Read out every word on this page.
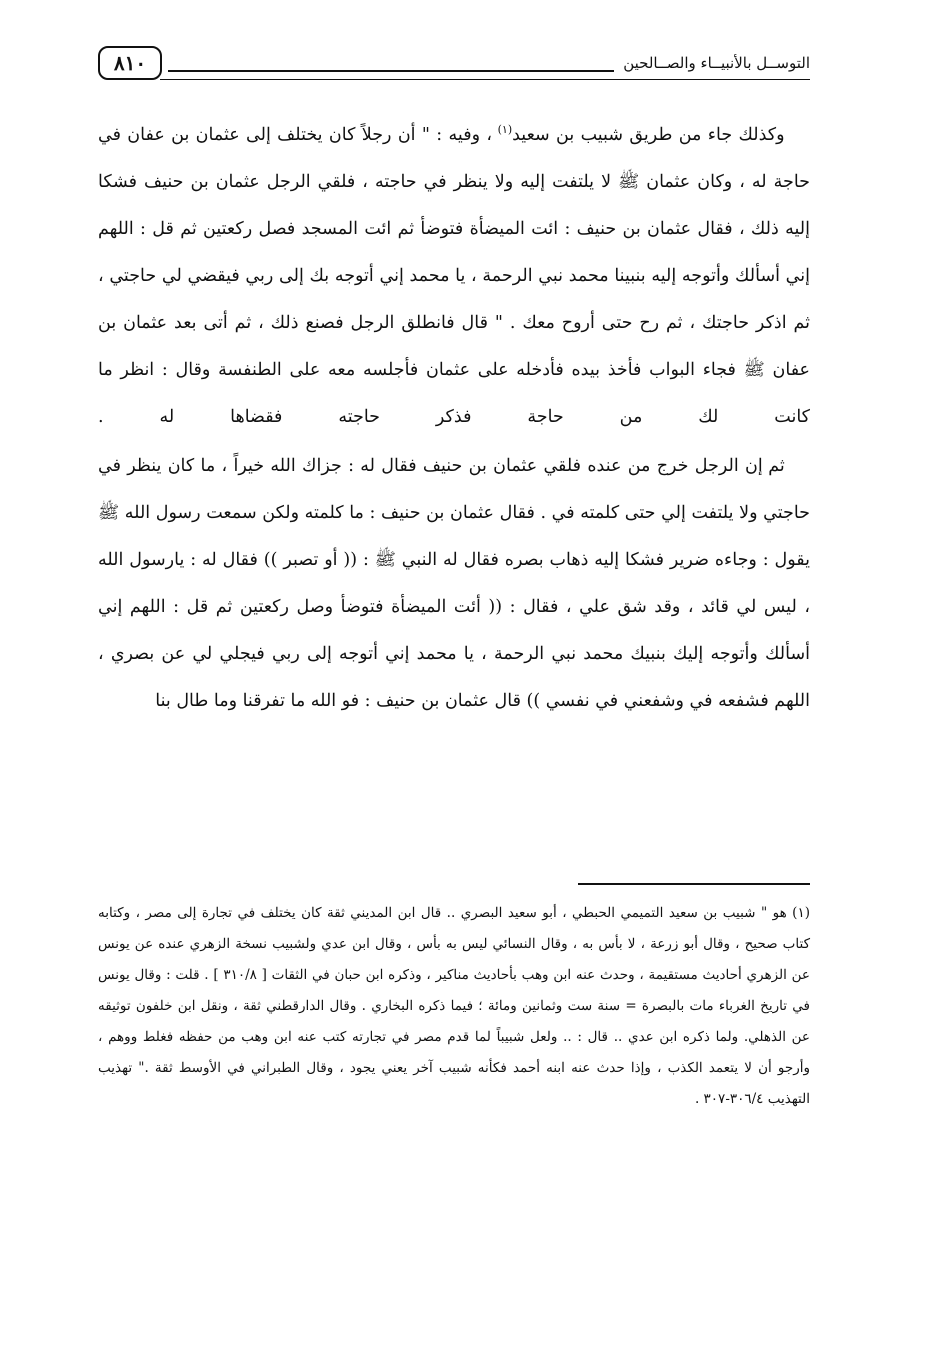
٨١٠	التوســل بالأنبيــاء والصــالحين

وكذلك جاء من طريق شبيب بن سعيد$^{(١)}$ ، وفيه : " أن رجلاً كان يختلف إلى عثمان بن عفان في حاجة له ، وكان عثمان ﷺ لا يلتفت إليه ولا ينظر في حاجته ، فلقي الرجل عثمان بن حنيف فشكا إليه ذلك ، فقال عثمان بن حنيف : ائت الميضأة فتوضأ ثم ائت المسجد فصل ركعتين ثم قل : اللهم إني أسألك وأتوجه إليه بنبينا محمد نبي الرحمة ، يا محمد إني أتوجه بك إلى ربي فيقضي لي حاجتي ، ثم اذكر حاجتك ، ثم رح حتى أروح معك . " قال فانطلق الرجل فصنع ذلك ، ثم أتى بعد عثمان بن عفان ﷺ فجاء البواب فأخذ بيده فأدخله على عثمان فأجلسه معه على الطنفسة وقال : انظر ما كانت لك من حاجة فذكر حاجته فقضاها له .

ثم إن الرجل خرج من عنده فلقي عثمان بن حنيف فقال له : جزاك الله خيراً ، ما كان ينظر في حاجتي ولا يلتفت إلي حتى كلمته في . فقال عثمان بن حنيف : ما كلمته ولكن سمعت رسول الله ﷺ يقول : وجاءه ضرير فشكا إليه ذهاب بصره فقال له النبي ﷺ : (( أو تصبر )) فقال له : يارسول الله ، ليس لي قائد ، وقد شق علي ، فقال : (( أئت الميضأة فتوضأ وصل ركعتين ثم قل : اللهم إني أسألك وأتوجه إليك بنبيك محمد نبي الرحمة ، يا محمد إني أتوجه إلى ربي فيجلي لي عن بصري ، اللهم فشفعه في وشفعني في نفسي )) قال عثمان بن حنيف : فو الله ما تفرقنا وما طال بنا

(١) هو " شبيب بن سعيد التميمي الحبطي ، أبو سعيد البصري .. قال ابن المديني ثقة كان يختلف في تجارة إلى مصر ، وكتابه كتاب صحيح ، وقال أبو زرعة ، لا بأس به ، وقال النسائي ليس به بأس ، وقال ابن عدي ولشبيب نسخة الزهري عنده عن يونس عن الزهري أحاديث مستقيمة ، وحدث عنه ابن وهب بأحاديث مناكير ، وذكره ابن حبان في الثقات [ ٣١٠/٨ ] . قلت : وقال يونس في تاريخ الغرباء مات بالبصرة = سنة ست وثمانين ومائة ؛ فيما ذكره البخاري . وقال الدارقطني ثقة ، ونقل ابن خلفون توثيقه عن الذهلي. ولما ذكره ابن عدي .. قال : .. ولعل شبيباً لما قدم مصر في تجارته كتب عنه ابن وهب من حفظه فغلط ووهم ، وأرجو أن لا يتعمد الكذب ، وإذا حدث عنه ابنه أحمد فكأنه شبيب آخر يعني يجود ، وقال الطبراني في الأوسط ثقة ." تهذيب التهذيب ٣٠٦/٤-٣٠٧ .
